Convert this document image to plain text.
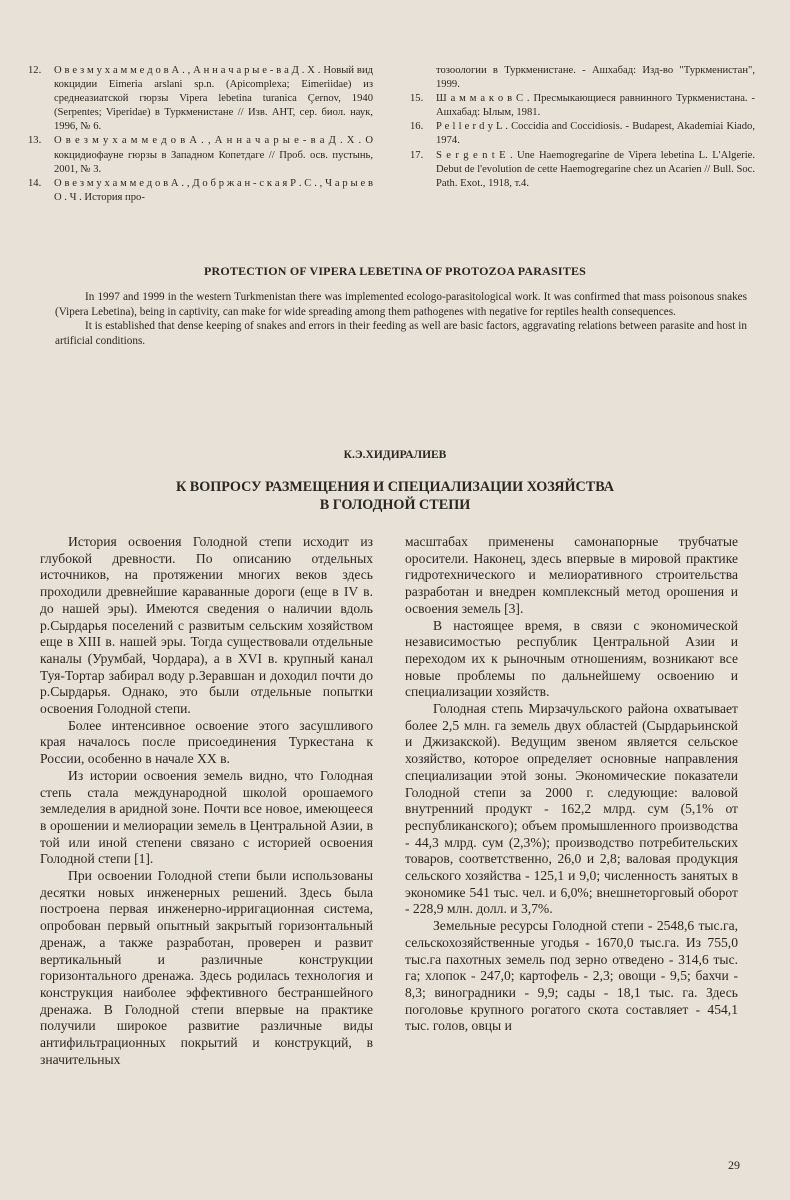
12.	О в е з м у х а м м е д о в А . , А н н а ч а р ы е - в а Д . Х . Новый вид кокцидии Eimeria arslani sp.n. (Apicomplexa; Eimeriidae) из среднеазиатской гюрзы Vipera lebetina turanica Çernov, 1940 (Serpentes; Viperidae) в Туркменистане // Изв. АНТ, сер. биол. наук, 1996, № 6.
13.	О в е з м у х а м м е д о в А . , А н н а ч а р ы е - в а Д . Х . О кокцидиофауне гюрзы в Западном Копетдаге // Проб. осв. пустынь, 2001, № 3.
14.	О в е з м у х а м м е д о в А . , Д о б р ж а н - с к а я Р . С . , Ч а р ы е в О . Ч . История про-
тозоологии в Туркменистане. - Ашхабад: Изд-во "Туркменистан", 1999.
15.	Ш а м м а к о в С . Пресмыкающиеся равнинного Туркменистана. - Ашхабад: Ылым, 1981.
16.	P e l l e r d y L . Coccidia and Coccidiosis. - Budapest, Akademiai Kiado, 1974.
17.	S e r g e n t E . Une Haemogregarine de Vipera lebetina L. L'Algerie. Debut de l'evolution de cette Haemogregarine chez un Acarien // Bull. Soc. Path. Exot., 1918, т.4.
PROTECTION OF VIPERA LEBETINA OF PROTOZOA PARASITES

In 1997 and 1999 in the western Turkmenistan there was implemented ecologo-parasitological work. It was confirmed that mass poisonous snakes (Vipera Lebetina), being in captivity, can make for wide spreading among them pathogenes with negative for reptiles health consequences.

It is established that dense keeping of snakes and errors in their feeding as well are basic factors, aggravating relations between parasite and host in artificial conditions.

К.Э.ХИДИРАЛИЕВ
К ВОПРОСУ РАЗМЕЩЕНИЯ И СПЕЦИАЛИЗАЦИИ ХОЗЯЙСТВА
В ГОЛОДНОЙ СТЕПИ

История освоения Голодной степи исходит из глубокой древности. По описанию отдельных источников, на протяжении многих веков здесь проходили древнейшие караванные дороги (еще в IV в. до нашей эры). Имеются сведения о наличии вдоль р.Сырдарья поселений с развитым сельским хозяйством еще в XIII в. нашей эры. Тогда существовали отдельные каналы (Урумбай, Чордара), а в XVI в. крупный канал Туя-Тортар забирал воду р.Зеравшан и доходил почти до р.Сырдарья. Однако, это были отдельные попытки освоения Голодной степи.

Более интенсивное освоение этого засушливого края началось после присоединения Туркестана к России, особенно в начале XX в.

Из истории освоения земель видно, что Голодная степь стала международной школой орошаемого земледелия в аридной зоне. Почти все новое, имеющееся в орошении и мелиорации земель в Центральной Азии, в той или иной степени связано с историей освоения Голодной степи [1].

При освоении Голодной степи были использованы десятки новых инженерных решений. Здесь была построена первая инженерно-ирригационная система, опробован первый опытный закрытый горизонтальный дренаж, а также разработан, проверен и развит вертикальный и различные конструкции горизонтального дренажа. Здесь родилась технология и конструкция наиболее эффективного бестраншейного дренажа. В Голодной степи впервые на практике получили широкое развитие различные виды антифильтрационных покрытий и конструкций, в значительных

масштабах применены самонапорные трубчатые оросители. Наконец, здесь впервые в мировой практике гидротехнического и мелиоративного строительства разработан и внедрен комплексный метод орошения и освоения земель [3].

В настоящее время, в связи с экономической независимостью республик Центральной Азии и переходом их к рыночным отношениям, возникают все новые проблемы по дальнейшему освоению и специализации хозяйств.

Голодная степь Мирзачульского района охватывает более 2,5 млн. га земель двух областей (Сырдарьинской и Джизакской). Ведущим звеном является сельское хозяйство, которое определяет основные направления специализации этой зоны. Экономические показатели Голодной степи за 2000 г. следующие: валовой внутренний продукт - 162,2 млрд. сум (5,1% от республиканского); объем промышленного производства - 44,3 млрд. сум (2,3%); производство потребительских товаров, соответственно, 26,0 и 2,8; валовая продукция сельского хозяйства - 125,1 и 9,0; численность занятых в экономике 541 тыс. чел. и 6,0%; внешнеторговый оборот - 228,9 млн. долл. и 3,7%.

Земельные ресурсы Голодной степи - 2548,6 тыс.га, сельскохозяйственные угодья - 1670,0 тыс.га. Из 755,0 тыс.га пахотных земель под зерно отведено - 314,6 тыс. га; хлопок - 247,0; картофель - 2,3; овощи - 9,5; бахчи - 8,3; виноградники - 9,9; сады - 18,1 тыс. га. Здесь поголовье крупного рогатого скота составляет - 454,1 тыс. голов, овцы и

29
